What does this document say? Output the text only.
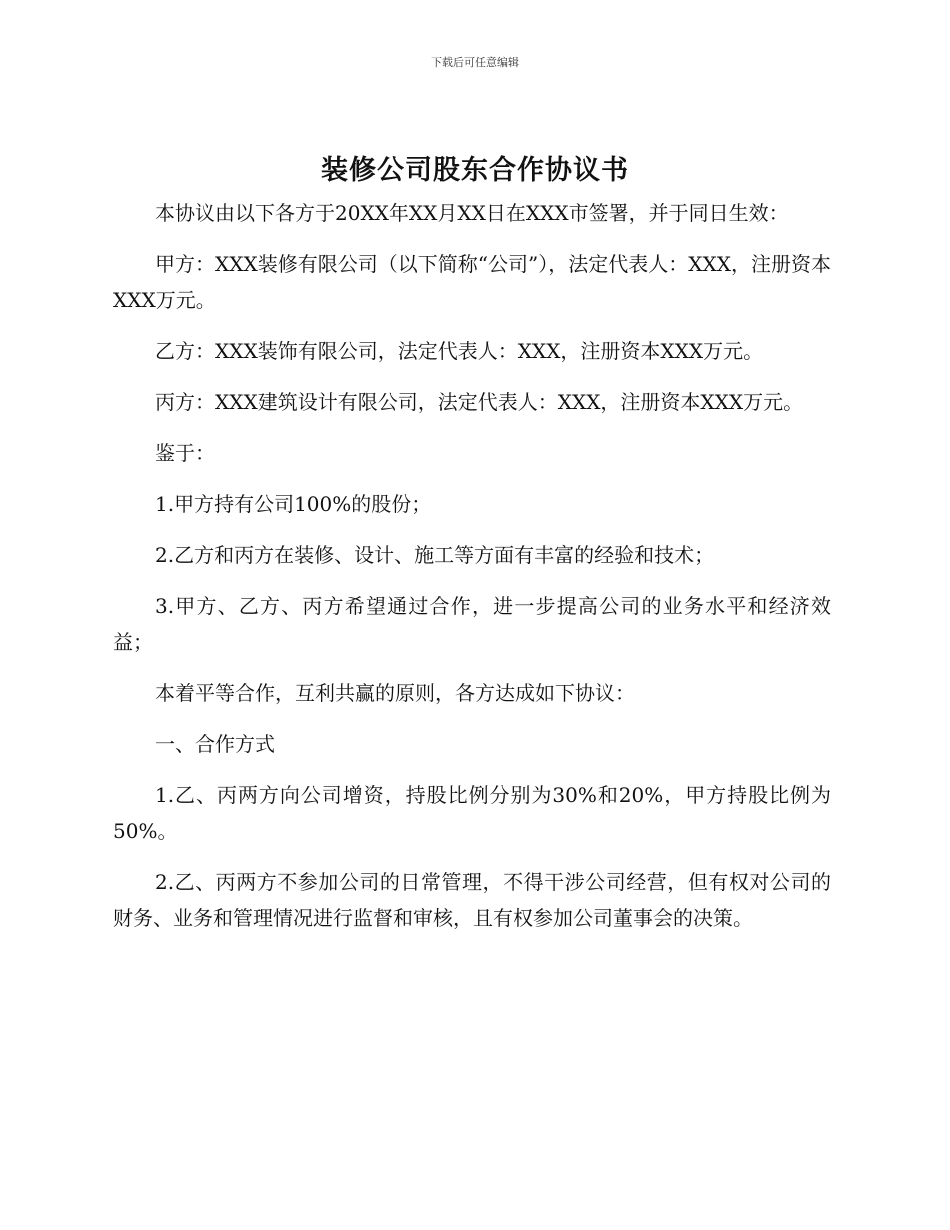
下载后可任意编辑
装修公司股东合作协议书

本协议由以下各方于20XX年XX月XX日在XXX市签署，并于同日生效：

甲方：XXX装修有限公司（以下简称“公司”），法定代表人：XXX，注册资本XXX万元。

乙方：XXX装饰有限公司，法定代表人：XXX，注册资本XXX万元。

丙方：XXX建筑设计有限公司，法定代表人：XXX，注册资本XXX万元。

鉴于：

1.甲方持有公司100%的股份；

2.乙方和丙方在装修、设计、施工等方面有丰富的经验和技术；

3.甲方、乙方、丙方希望通过合作，进一步提高公司的业务水平和经济效益；

本着平等合作，互利共赢的原则，各方达成如下协议：

一、合作方式

1.乙、丙两方向公司增资，持股比例分别为30%和20%，甲方持股比例为50%。

2.乙、丙两方不参加公司的日常管理，不得干涉公司经营，但有权对公司的财务、业务和管理情况进行监督和审核，且有权参加公司董事会的决策。
